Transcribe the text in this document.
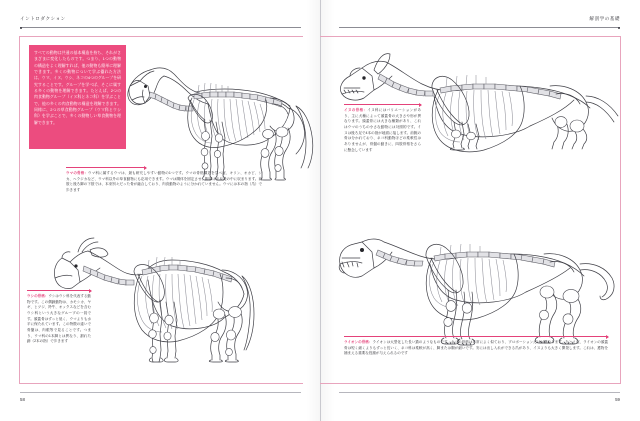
イントロダクション	解剖学の基礎
すべての動物は共通の基本構造を持ち、それがさまざまに変化したものです。つまり、1つの動物の構造をよく理解すれば、他の動物も簡単に理解できます。多くの動物について学ぶ優れた方法は、ウマ、イヌ、ウシ、ネコの4つのグループを研究することです。グループを学べば、そこに属する多くの動物を理解できます。たとえば、2つの肉食動物グループ（イヌ科とネコ科）を学ぶことで、他の多くの肉食動物の構造を理解できます。同様に、2つの草食動物グループ（ウマ科とウシ科）を学ぶことで、多くの動物しい草食動物を理解できます。
ウマの骨格：ウマ科に属するウマは、最も研究しやすい動物の1つです。ウマの骨格構造を学べば、キリン、オカピ、シカ、ヘラジカなど、ウマ科以外の草食動物にも応用できます。ウマは胴体を固定させ、脚部は正反発の中に収まります。前肢と後ろ脚の下肢では、本来別々だった骨が融合しており、肉食動物のように分かれていません。ウマには本の指（爪）で歩きます
ウシの骨格：ウシはウシ科を代表する動物です。この偶蹄動物は、カモシカ、ヤギ、ヒツジ、羚牛、オックスなどを含むウシ科という大きなグループの一員です。頭蓋骨はずっと低く、ウマよりも水平に保たれています。この特徴の違いで骨盤は、肉眼等で見ることです。つまり、ウマ科の1本脚とは異なり、割れた蹄（2本の指）で歩きます
イヌの骨格：イヌ科にはバリエーションがあり、主に犬種によって頭蓋骨の大きさや形が異なります。頭蓋骨には大きな種類があり、これはウマのうちの小さな動物には対照的です。イヌは後ろ足で4本の指が地面に接します。前腕の骨は分かれており、ネコ科動物ほどの柔軟性はありませんが、骨盤の動きに、四肢骨格をさらに懸念しています
ライオンの骨格：ライオンは大型化した長い猫のようなものです。ネコの骨格は非常によく似ており、プロポーションだけが異なります。たとえば、ライオンの頭蓋骨は短く細くよりもずっと長いく、ネコ科は柔軟が高く、脚または胴が細いです。安には出し入れができる爪があり、イヌよりも大きく開発します。これは、獲物を捕まえる重要な役割が与えられるのです
58	59
